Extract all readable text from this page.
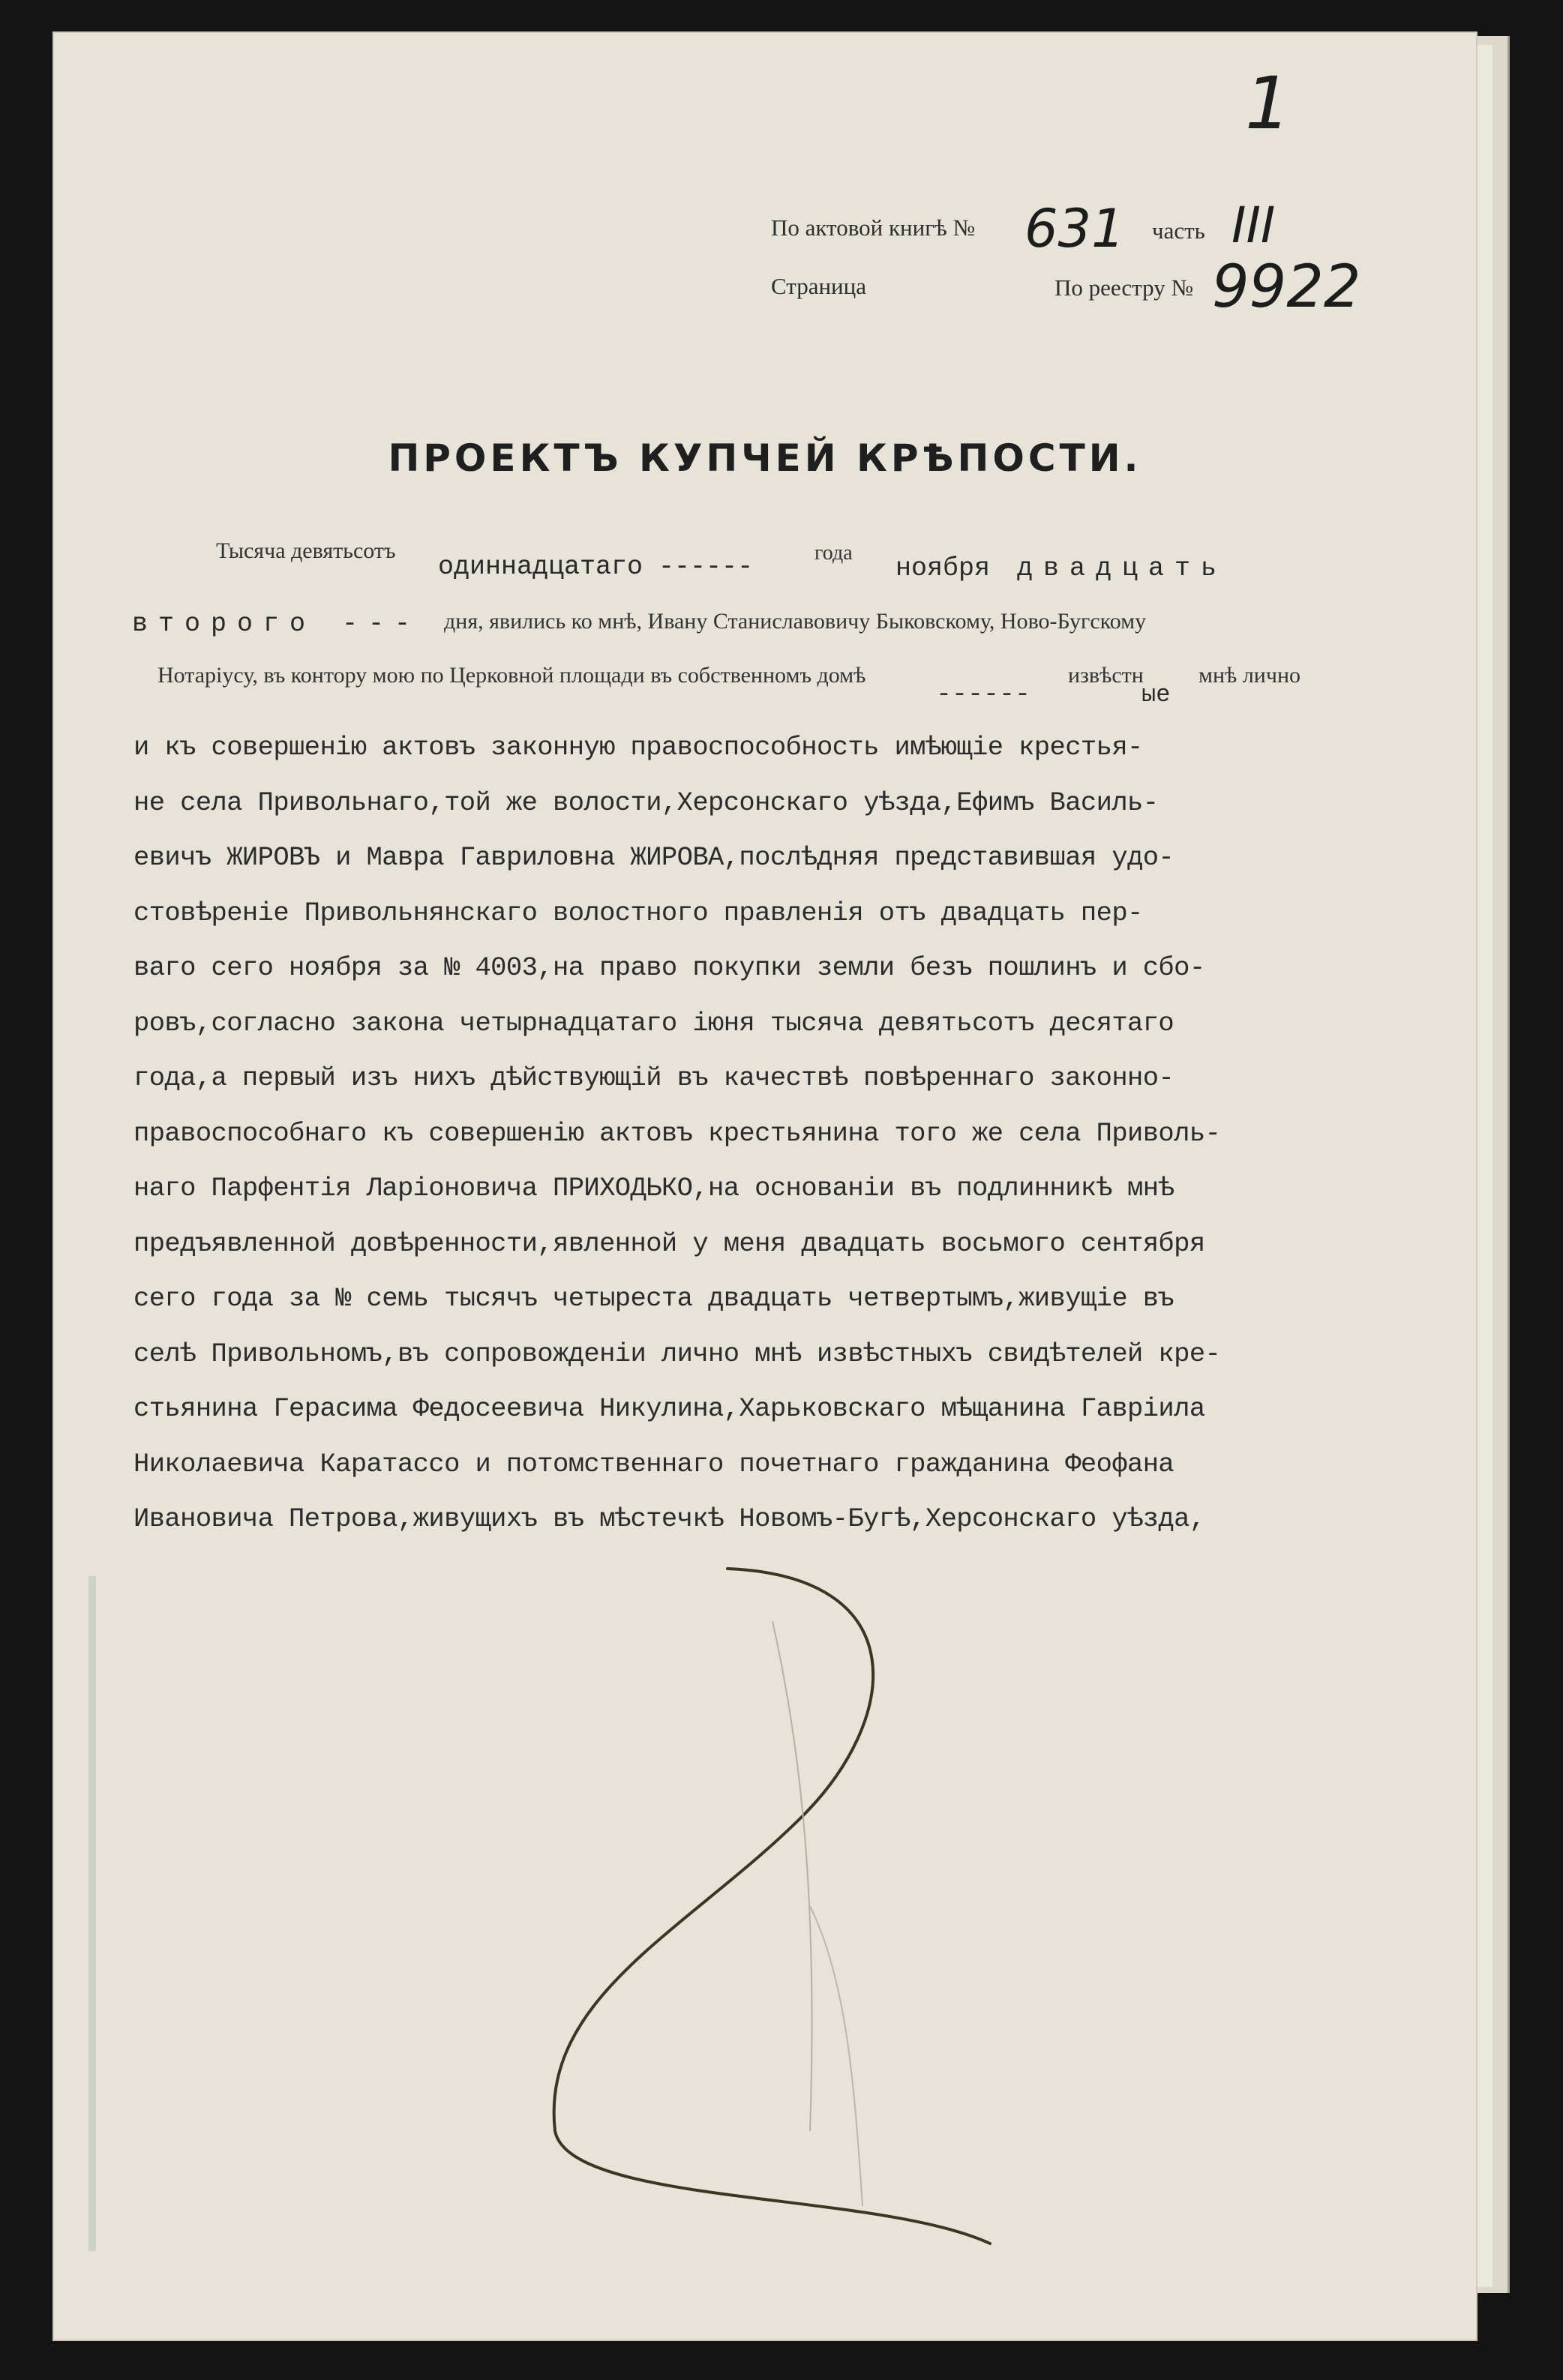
1
По актовой книгѣ № 631 часть III
Страница	По реестру № 9922
ПРОЕКТЪ КУПЧЕЙ КРѢПОСТИ.
Тысяча девятьсотъ
одиннадцатаго ------	года
ноября двадцать
второго --- дня, явились ко мнѣ, Ивану Станиславовичу Быковскому, Ново-Бугскому
Нотаріусу, въ контору мою по Церковной площади въ собственномъ домѣ
------
извѣстн
ые
мнѣ лично
и къ совершенію актовъ законную правоспособность имѣющіе крестья-
не села Привольнаго,той же волости,Херсонскаго уѣзда,Ефимъ Василь-
евичъ ЖИРОВЪ и Мавра Гавриловна ЖИРОВА,послѣдняя представившая удо-
стовѣреніе Привольнянскаго волостного правленія отъ двадцать пер-
ваго сего ноября за № 4003,на право покупки земли безъ пошлинъ и сбо-
ровъ,согласно закона четырнадцатаго іюня тысяча девятьсотъ десятаго
года,а первый изъ нихъ дѣйствующій въ качествѣ повѣреннаго законно-
правоспособнаго къ совершенію актовъ крестьянина того же села Приволь-
наго Парфентія Ларіоновича ПРИХОДЬКО,на основаніи въ подлинникѣ мнѣ
предъявленной довѣренности,явленной у меня двадцать восьмого сентября
сего года за № семь тысячъ четыреста двадцать четвертымъ,живущіе въ
селѣ Привольномъ,въ сопровожденіи лично мнѣ извѣстныхъ свидѣтелей кре-
стьянина Герасима Федосеевича Никулина,Харьковскаго мѣщанина Гавріила
Николаевича Каратассо и потомственнаго почетнаго гражданина Феофана
Ивановича Петрова,живущихъ въ мѣстечкѣ Новомъ-Бугѣ,Херсонскаго уѣзда,
